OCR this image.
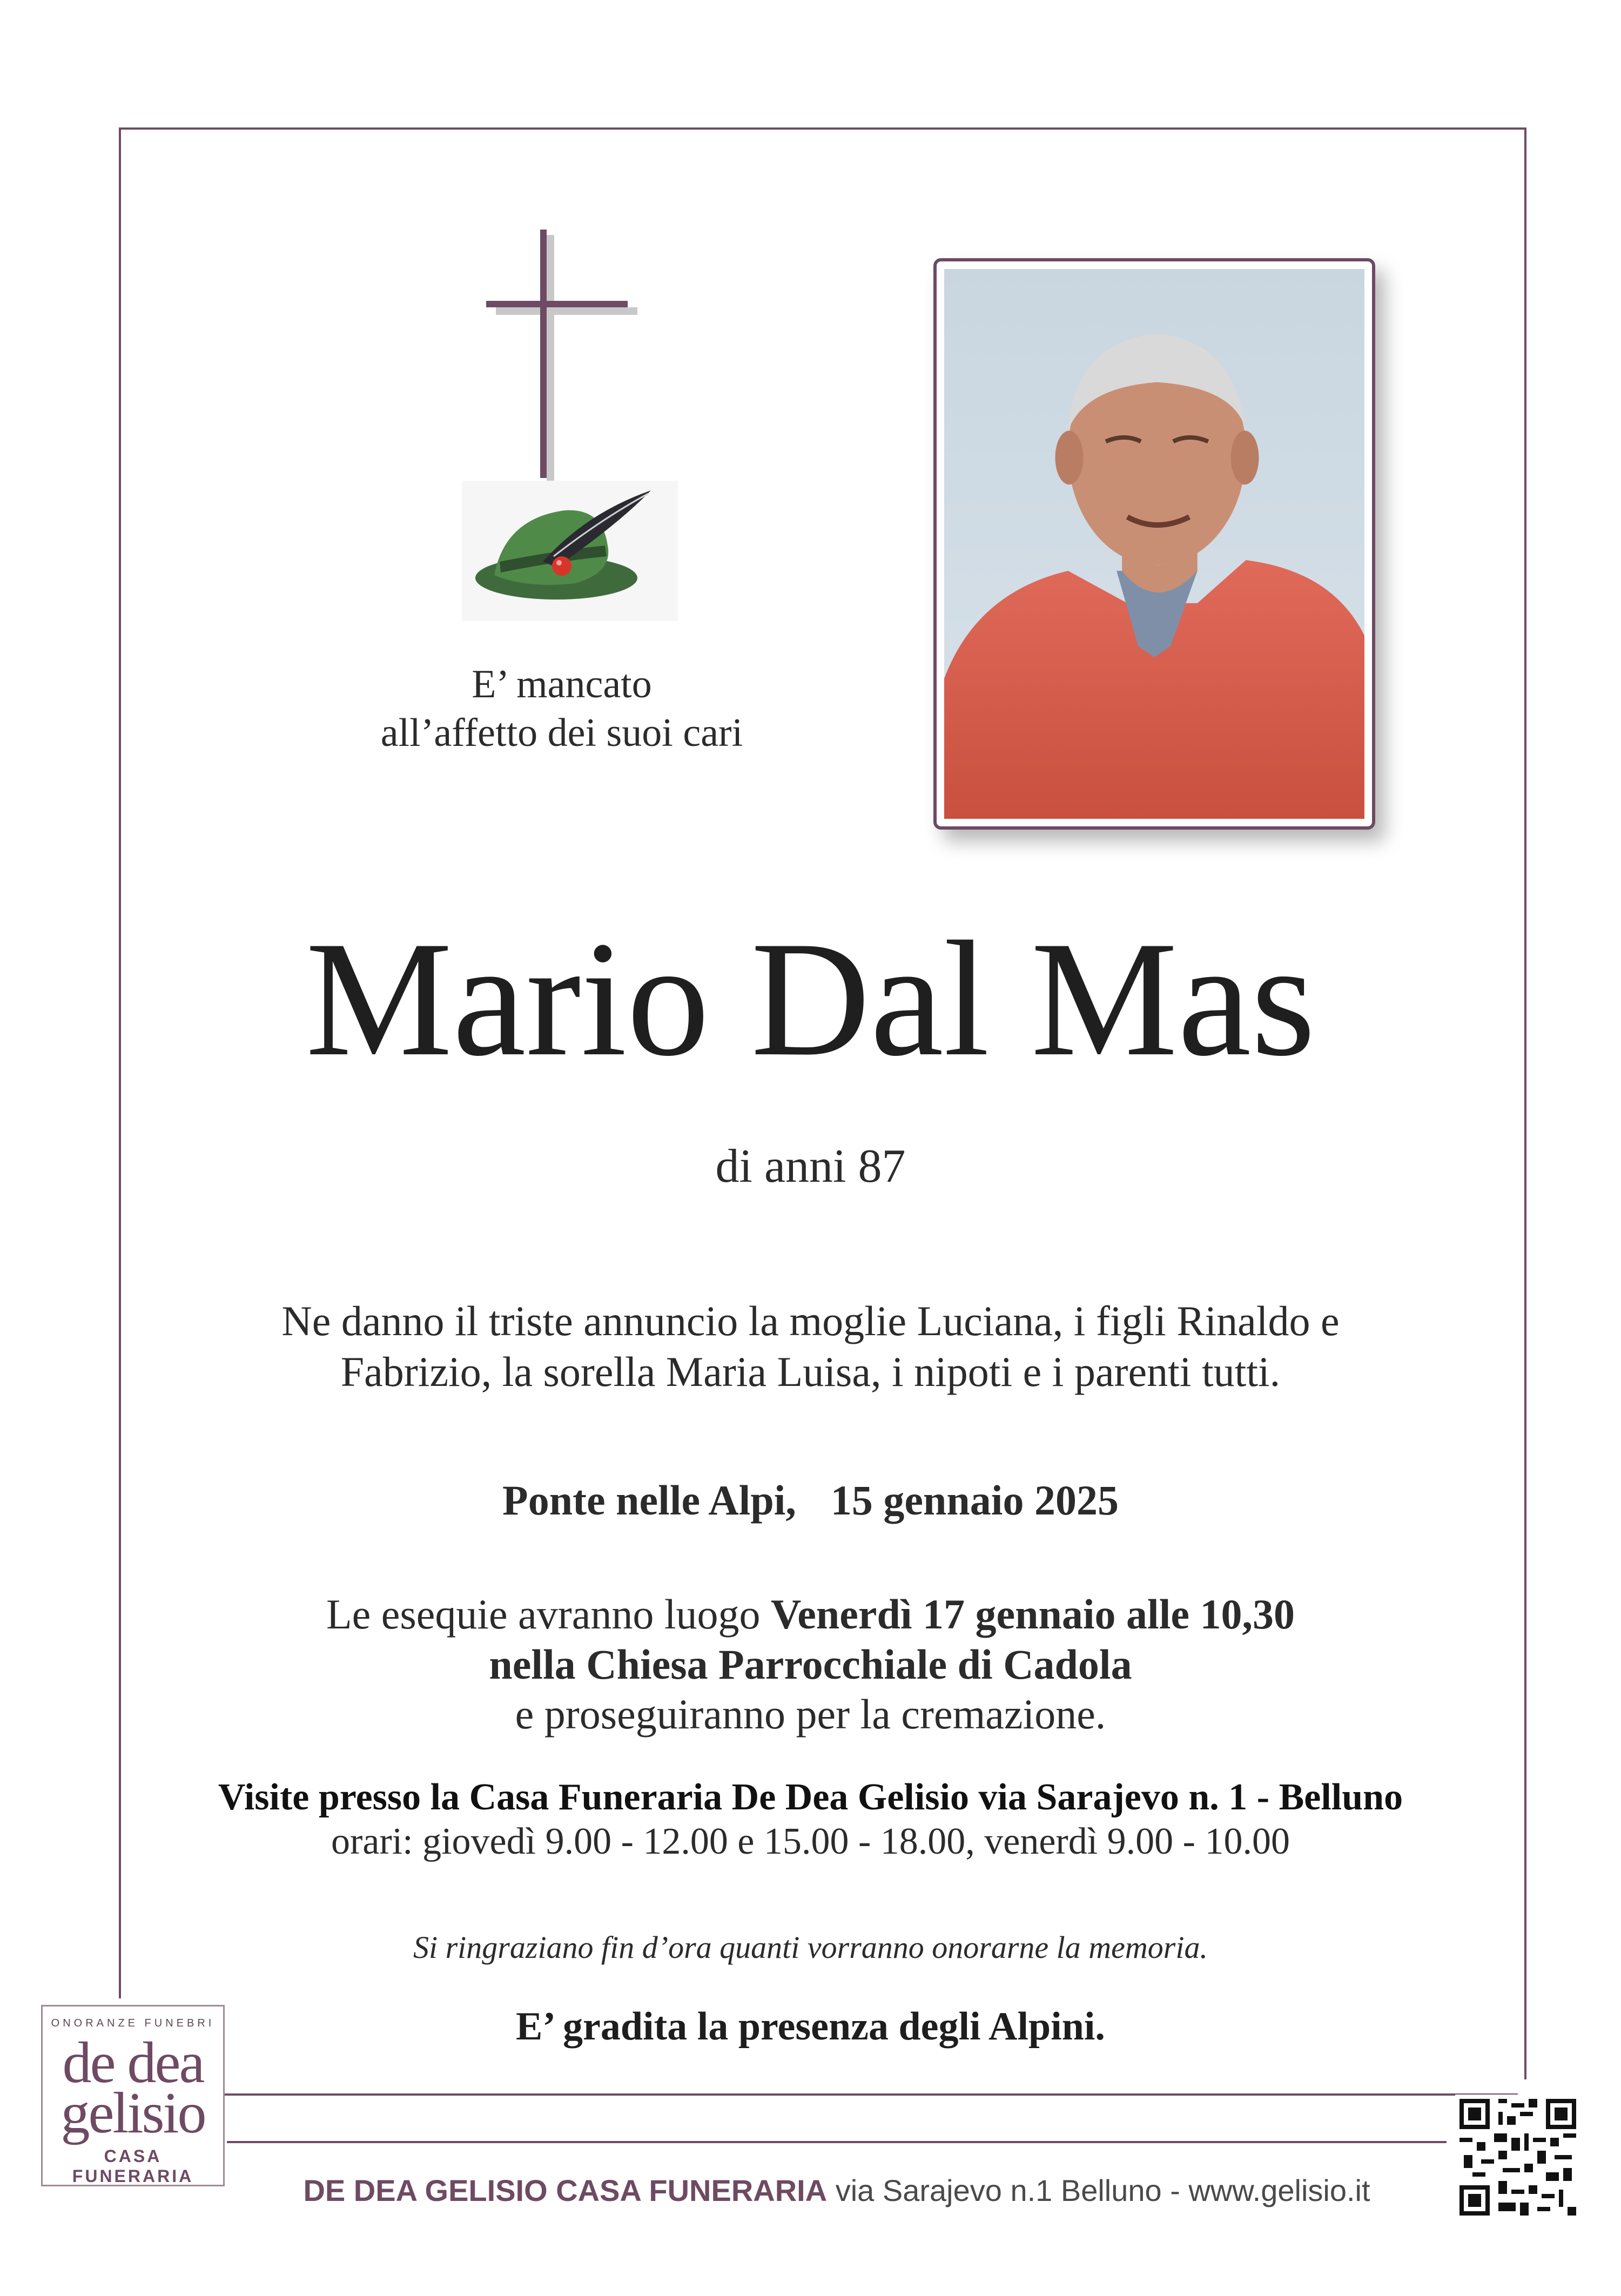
E’ mancato
all’affetto dei suoi cari
Mario Dal Mas
di anni 87
Ne danno il triste annuncio la moglie Luciana, i figli Rinaldo e
Fabrizio, la sorella Maria Luisa, i nipoti e i parenti tutti.
Ponte nelle Alpi, 15 gennaio 2025
Le esequie avranno luogo Venerdì 17 gennaio alle 10,30
nella Chiesa Parrocchiale di Cadola
e proseguiranno per la cremazione.
Visite presso la Casa Funeraria De Dea Gelisio via Sarajevo n. 1 - Belluno
orari: giovedì 9.00 - 12.00 e 15.00 - 18.00, venerdì 9.00 - 10.00
Si ringraziano fin d’ora quanti vorranno onorarne la memoria.
E’ gradita la presenza degli Alpini.
ONORANZE FUNEBRI
de dea
gelisio
CASA FUNERARIA	DE DEA GELISIO CASA FUNERARIA via Sarajevo n.1 Belluno - www.gelisio.it
